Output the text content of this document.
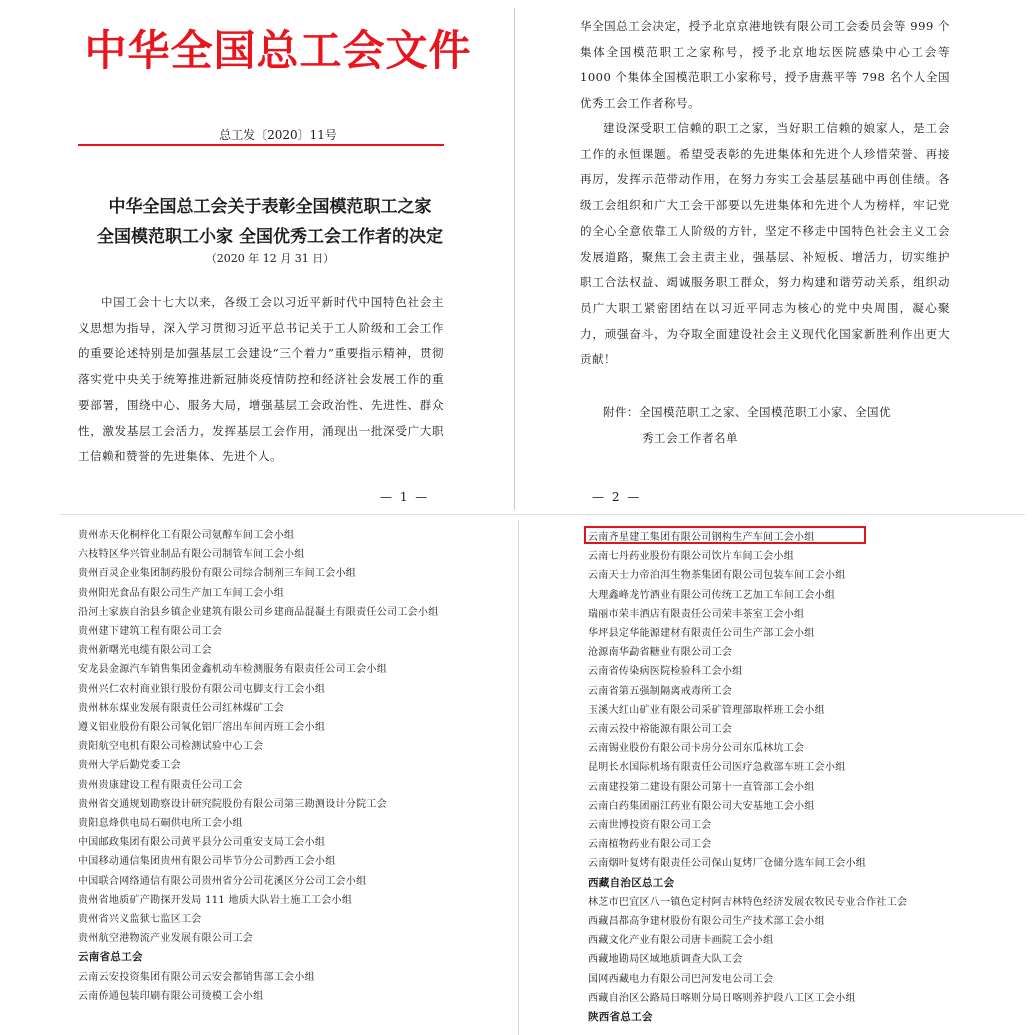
中华全国总工会文件
总工发〔2020〕11号
中华全国总工会关于表彰全国模范职工之家
全国模范职工小家 全国优秀工会工作者的决定
（2020 年 12 月 31 日）
中国工会十七大以来，各级工会以习近平新时代中国特色社会主义思想为指导，深入学习贯彻习近平总书记关于工人阶级和工会工作的重要论述特别是加强基层工会建设“三个着力”重要指示精神，贯彻落实党中央关于统筹推进新冠肺炎疫情防控和经济社会发展工作的重要部署，围绕中心、服务大局，增强基层工会政治性、先进性、群众性，激发基层工会活力，发挥基层工会作用，涌现出一批深受广大职工信赖和赞誉的先进集体、先进个人。
— 1 —
华全国总工会决定，授予北京京港地铁有限公司工会委员会等 999 个集体全国模范职工之家称号，授予北京地坛医院感染中心工会等 1000 个集体全国模范职工小家称号，授予唐燕平等 798 名个人全国优秀工会工作者称号。
建设深受职工信赖的职工之家，当好职工信赖的娘家人，是工会工作的永恒课题。希望受表彰的先进集体和先进个人珍惜荣誉、再接再厉，发挥示范带动作用，在努力夯实工会基层基础中再创佳绩。各级工会组织和广大工会干部要以先进集体和先进个人为榜样，牢记党的全心全意依靠工人阶级的方针，坚定不移走中国特色社会主义工会发展道路，聚焦工会主责主业，强基层、补短板、增活力，切实维护职工合法权益、竭诚服务职工群众，努力构建和谐劳动关系，组织动员广大职工紧密团结在以习近平同志为核心的党中央周围，凝心聚力，顽强奋斗，为夺取全面建设社会主义现代化国家新胜利作出更大贡献！
附件：全国模范职工之家、全国模范职工小家、全国优
秀工会工作者名单
— 2 —
贵州赤天化桐梓化工有限公司氨醇车间工会小组
六枝特区华兴管业制品有限公司制管车间工会小组
贵州百灵企业集团制药股份有限公司综合制剂三车间工会小组
贵州阳光食品有限公司生产加工车间工会小组
沿河土家族自治县乡镇企业建筑有限公司乡建商品混凝土有限责任公司工会小组
贵州建下建筑工程有限公司工会
贵州新曙光电缆有限公司工会
安龙县金源汽车销售集团金鑫机动车检测服务有限责任公司工会小组
贵州兴仁农村商业银行股份有限公司屯脚支行工会小组
贵州林东煤业发展有限责任公司红林煤矿工会
遵义铝业股份有限公司氧化铝厂溶出车间丙班工会小组
贵阳航空电机有限公司检测试验中心工会
贵州大学后勤党委工会
贵州贵康建设工程有限责任公司工会
贵州省交通规划勘察设计研究院股份有限公司第三勘测设计分院工会
贵阳息烽供电局石硐供电所工会小组
中国邮政集团有限公司黄平县分公司重安支局工会小组
中国移动通信集团贵州有限公司毕节分公司黔西工会小组
中国联合网络通信有限公司贵州省分公司花溪区分公司工会小组
贵州省地质矿产勘探开发局 111 地质大队岩土施工工会小组
贵州省兴义监狱七监区工会
贵州航空港物流产业发展有限公司工会
云南省总工会
云南云安投资集团有限公司云安会都销售部工会小组
云南侨通包装印刷有限公司烫模工会小组
云南齐星建工集团有限公司钢构生产车间工会小组
云南七丹药业股份有限公司饮片车间工会小组
云南天士力帝泊洱生物茶集团有限公司包装车间工会小组
大理鑫峰龙竹酒业有限公司传统工艺加工车间工会小组
瑞丽市荣丰酒店有限责任公司荣丰茶室工会小组
华坪县定华能源建材有限责任公司生产部工会小组
沧源南华勐省糖业有限公司工会
云南省传染病医院检验科工会小组
云南省第五强制隔离戒毒所工会
玉溪大红山矿业有限公司采矿管理部取样班工会小组
云南云投中裕能源有限公司工会
云南锡业股份有限公司卡房分公司东瓜林坑工会
昆明长水国际机场有限责任公司医疗急救部车班工会小组
云南建投第二建设有限公司第十一直管部工会小组
云南白药集团丽江药业有限公司大安基地工会小组
云南世博投资有限公司工会
云南植物药业有限公司工会
云南烟叶复烤有限责任公司保山复烤厂仓储分选车间工会小组
西藏自治区总工会
林芝市巴宜区八一镇色定村阿吉林特色经济发展农牧民专业合作社工会
西藏昌都高争建材股份有限公司生产技术部工会小组
西藏文化产业有限公司唐卡画院工会小组
西藏地勘局区域地质调查大队工会
国网西藏电力有限公司巴河发电公司工会
西藏自治区公路局日喀则分局日喀则养护段八工区工会小组
陕西省总工会
